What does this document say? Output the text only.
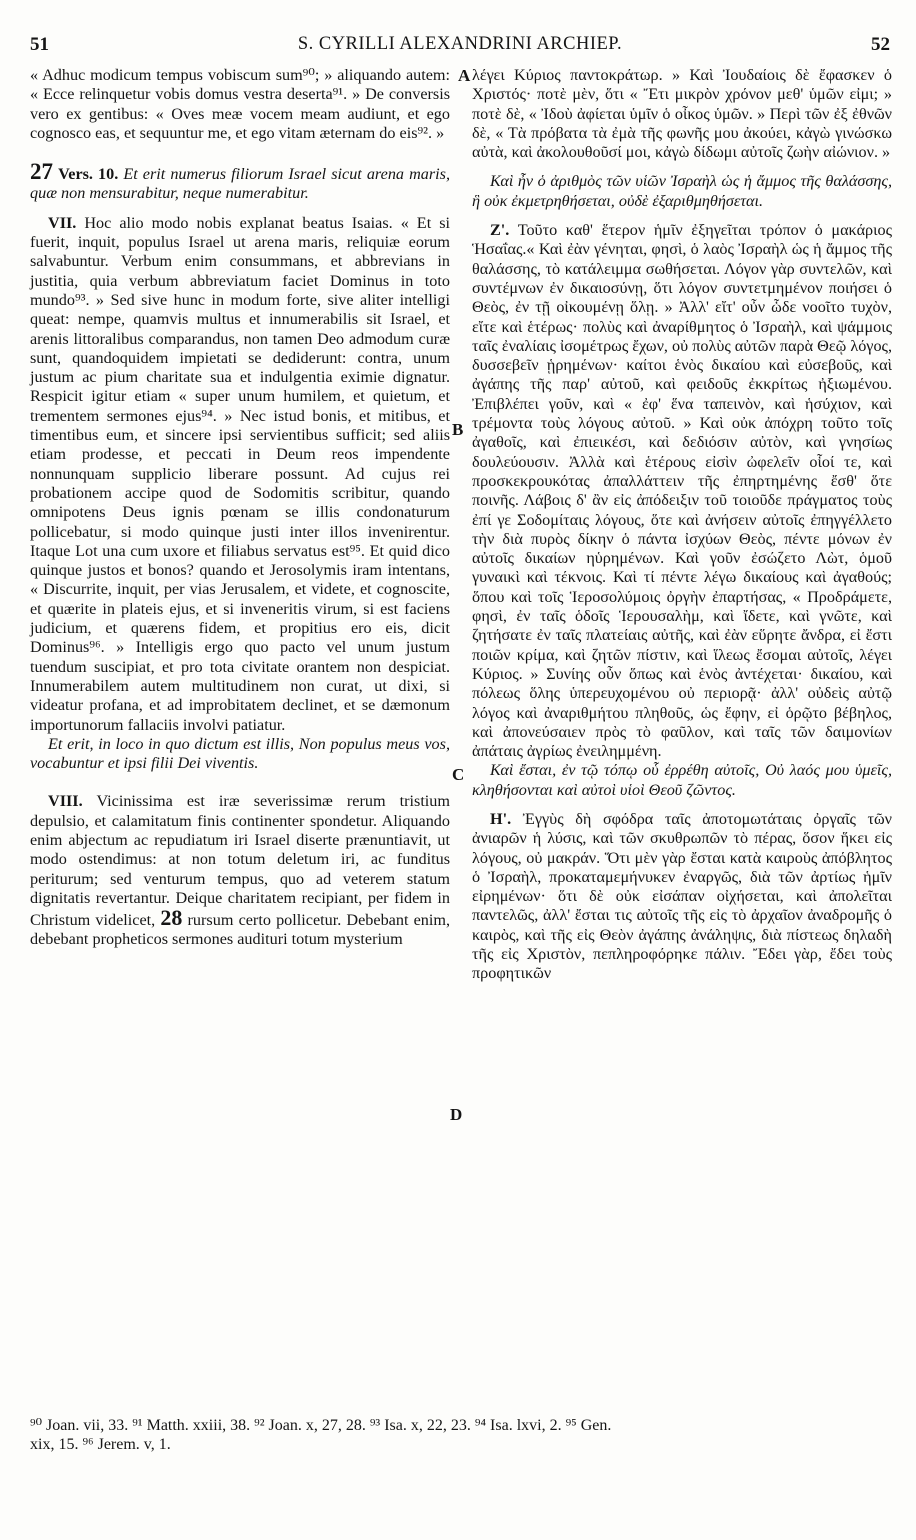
51	S. CYRILLI ALEXANDRINI ARCHIEP.	52

« Adhuc modicum tempus vobiscum sum⁹⁰; » aliquando autem: « Ecce relinquetur vobis domus vestra deserta⁹¹. » De conversis vero ex gentibus: « Oves meæ vocem meam audiunt, et ego cognosco eas, et sequuntur me, et ego vitam æternam do eis⁹². »

27 Vers. 10. Et erit numerus filiorum Israel sicut arena maris, quæ non mensurabitur, neque numerabitur.

VII. Hoc alio modo nobis explanat beatus Isaias. « Et si fuerit, inquit, populus Israel ut arena maris, reliquiæ eorum salvabuntur. Verbum enim consummans, et abbrevians in justitia, quia verbum abbreviatum faciet Dominus in toto mundo⁹³. » Sed sive hunc in modum forte, sive aliter intelligi queat: nempe, quamvis multus et innumerabilis sit Israel, et arenis littoralibus comparandus, non tamen Deo admodum curæ sunt, quandoquidem impietati se dediderunt: contra, unum justum ac pium charitate sua et indulgentia eximie dignatur. Respicit igitur etiam « super unum humilem, et quietum, et trementem sermones ejus⁹⁴. » Nec istud bonis, et mitibus, et timentibus eum, et sincere ipsi servientibus sufficit; sed aliis etiam prodesse, et peccati in Deum reos impendente nonnunquam supplicio liberare possunt. Ad cujus rei probationem accipe quod de Sodomitis scribitur, quando omnipotens Deus ignis pœnam se illis condonaturum pollicebatur, si modo quinque justi inter illos invenirentur. Itaque Lot una cum uxore et filiabus servatus est⁹⁵. Et quid dico quinque justos et bonos? quando et Jerosolymis iram intentans, « Discurrite, inquit, per vias Jerusalem, et videte, et cognoscite, et quærite in plateis ejus, et si inveneritis virum, si est faciens judicium, et quærens fidem, et propitius ero eis, dicit Dominus⁹⁶. » Intelligis ergo quo pacto vel unum justum tuendum suscipiat, et pro tota civitate orantem non despiciat. Innumerabilem autem multitudinem non curat, ut dixi, si videatur profana, et ad improbitatem declinet, et se dæmonum importunorum fallaciis involvi patiatur.

Et erit, in loco in quo dictum est illis, Non populus meus vos, vocabuntur et ipsi filii Dei viventis.

VIII. Vicinissima est iræ severissimæ rerum tristium depulsio, et calamitatum finis continenter spondetur. Aliquando enim abjectum ac repudiatum iri Israel diserte prænuntiavit, ut modo ostendimus: at non totum deletum iri, ac funditus periturum; sed venturum tempus, quo ad veterem statum dignitatis revertantur. Deique charitatem recipiant, per fidem in Christum videlicet, 28 rursum certo pollicetur. Debebant enim, debebant propheticos sermones audituri totum mysterium

A
B
C
D

λέγει Κύριος παντοκράτωρ. » Καὶ Ἰουδαίοις δὲ ἔφασκεν ὁ Χριστός· ποτὲ μὲν, ὅτι « Ἔτι μικρὸν χρόνον μεθ' ὑμῶν εἰμι; » ποτὲ δὲ, « Ἰδοὺ ἀφίεται ὑμῖν ὁ οἶκος ὑμῶν. » Περὶ τῶν ἐξ ἐθνῶν δὲ, « Τὰ πρόβατα τὰ ἐμὰ τῆς φωνῆς μου ἀκούει, κἀγὼ γινώσκω αὐτὰ, καὶ ἀκολουθοῦσί μοι, κἀγὼ δίδωμι αὐτοῖς ζωὴν αἰώνιον. »

Καὶ ἦν ὁ ἀριθμὸς τῶν υἱῶν Ἰσραὴλ ὡς ἡ ἄμμος τῆς θαλάσσης, ἣ οὐκ ἐκμετρηθήσεται, οὐδὲ ἐξαριθμηθήσεται.

Ζ'. Τοῦτο καθ' ἕτερον ἡμῖν ἐξηγεῖται τρόπον ὁ μακάριος Ἡσαΐας.« Καὶ ἐὰν γένηται, φησὶ, ὁ λαὸς Ἰσραὴλ ὡς ἡ ἄμμος τῆς θαλάσσης, τὸ κατάλειμμα σωθήσεται. Λόγον γὰρ συντελῶν, καὶ συντέμνων ἐν δικαιοσύνῃ, ὅτι λόγον συντετμημένον ποιήσει ὁ Θεὸς, ἐν τῇ οἰκουμένῃ ὅλῃ. » Ἀλλ' εἴτ' οὖν ὧδε νοοῖτο τυχὸν, εἴτε καὶ ἑτέρως· πολὺς καὶ ἀναρίθμητος ὁ Ἰσραὴλ, καὶ ψάμμοις ταῖς ἐναλίαις ἰσομέτρως ἔχων, οὐ πολὺς αὐτῶν παρὰ Θεῷ λόγος, δυσσεβεῖν ᾑρημένων· καίτοι ἑνὸς δικαίου καὶ εὐσεβοῦς, καὶ ἀγάπης τῆς παρ' αὐτοῦ, καὶ φειδοῦς ἐκκρίτως ἠξιωμένου. Ἐπιβλέπει γοῦν, καὶ « ἐφ' ἕνα ταπεινὸν, καὶ ἡσύχιον, καὶ τρέμοντα τοὺς λόγους αὐτοῦ. » Καὶ οὐκ ἀπόχρη τοῦτο τοῖς ἀγαθοῖς, καὶ ἐπιεικέσι, καὶ δεδιόσιν αὐτὸν, καὶ γνησίως δουλεύουσιν. Ἀλλὰ καὶ ἑτέρους εἰσὶν ὠφελεῖν οἷοί τε, καὶ προσκεκρουκότας ἀπαλλάττειν τῆς ἐπηρτημένης ἔσθ' ὅτε ποινῆς. Λάβοις δ' ἂν εἰς ἀπόδειξιν τοῦ τοιοῦδε πράγματος τοὺς ἐπί γε Σοδομίταις λόγους, ὅτε καὶ ἀνήσειν αὐτοῖς ἐπηγγέλλετο τὴν διὰ πυρὸς δίκην ὁ πάντα ἰσχύων Θεὸς, πέντε μόνων ἐν αὐτοῖς δικαίων ηὑρημένων. Καὶ γοῦν ἐσώζετο Λὼτ, ὁμοῦ γυναικὶ καὶ τέκνοις. Καὶ τί πέντε λέγω δικαίους καὶ ἀγαθούς; ὅπου καὶ τοῖς Ἱεροσολύμοις ὀργὴν ἐπαρτήσας, « Προδράμετε, φησὶ, ἐν ταῖς ὁδοῖς Ἱερουσαλὴμ, καὶ ἴδετε, καὶ γνῶτε, καὶ ζητήσατε ἐν ταῖς πλατείαις αὐτῆς, καὶ ἐὰν εὕρητε ἄνδρα, εἰ ἔστι ποιῶν κρίμα, καὶ ζητῶν πίστιν, καὶ ἵλεως ἔσομαι αὐτοῖς, λέγει Κύριος. » Συνίης οὖν ὅπως καὶ ἑνὸς ἀντέχεται· δικαίου, καὶ πόλεως ὅλης ὑπερευχομένου οὐ περιορᾷ· ἀλλ' οὐδεὶς αὐτῷ λόγος καὶ ἀναριθμήτου πληθοῦς, ὡς ἔφην, εἰ ὁρῷτο βέβηλος, καὶ ἀπονεύσαιεν πρὸς τὸ φαῦλον, καὶ ταῖς τῶν δαιμονίων ἀπάταις ἀγρίως ἐνειλημμένη.

Καὶ ἔσται, ἐν τῷ τόπῳ οὗ ἐρρέθη αὐτοῖς, Οὐ λαός μου ὑμεῖς, κληθήσονται καὶ αὐτοὶ υἱοὶ Θεοῦ ζῶντος.

Η'. Ἐγγὺς δὴ σφόδρα ταῖς ἀποτομωτάταις ὀργαῖς τῶν ἀνιαρῶν ἡ λύσις, καὶ τῶν σκυθρωπῶν τὸ πέρας, ὅσον ἥκει εἰς λόγους, οὐ μακράν. Ὅτι μὲν γὰρ ἔσται κατὰ καιροὺς ἀπόβλητος ὁ Ἰσραὴλ, προκαταμεμήνυκεν ἐναργῶς, διὰ τῶν ἀρτίως ἡμῖν εἰρημένων· ὅτι δὲ οὐκ εἰσάπαν οἰχήσεται, καὶ ἀπολεῖται παντελῶς, ἀλλ' ἔσται τις αὐτοῖς τῆς εἰς τὸ ἀρχαῖον ἀναδρομῆς ὁ καιρὸς, καὶ τῆς εἰς Θεὸν ἀγάπης ἀνάληψις, διὰ πίστεως δηλαδὴ τῆς εἰς Χριστὸν, πεπληροφόρηκε πάλιν. Ἔδει γὰρ, ἔδει τοὺς προφητικῶν

⁹⁰ Joan. vii, 33. ⁹¹ Matth. xxiii, 38. ⁹² Joan. x, 27, 28. ⁹³ Isa. x, 22, 23. ⁹⁴ Isa. lxvi, 2. ⁹⁵ Gen.
xix, 15. ⁹⁶ Jerem. v, 1.
